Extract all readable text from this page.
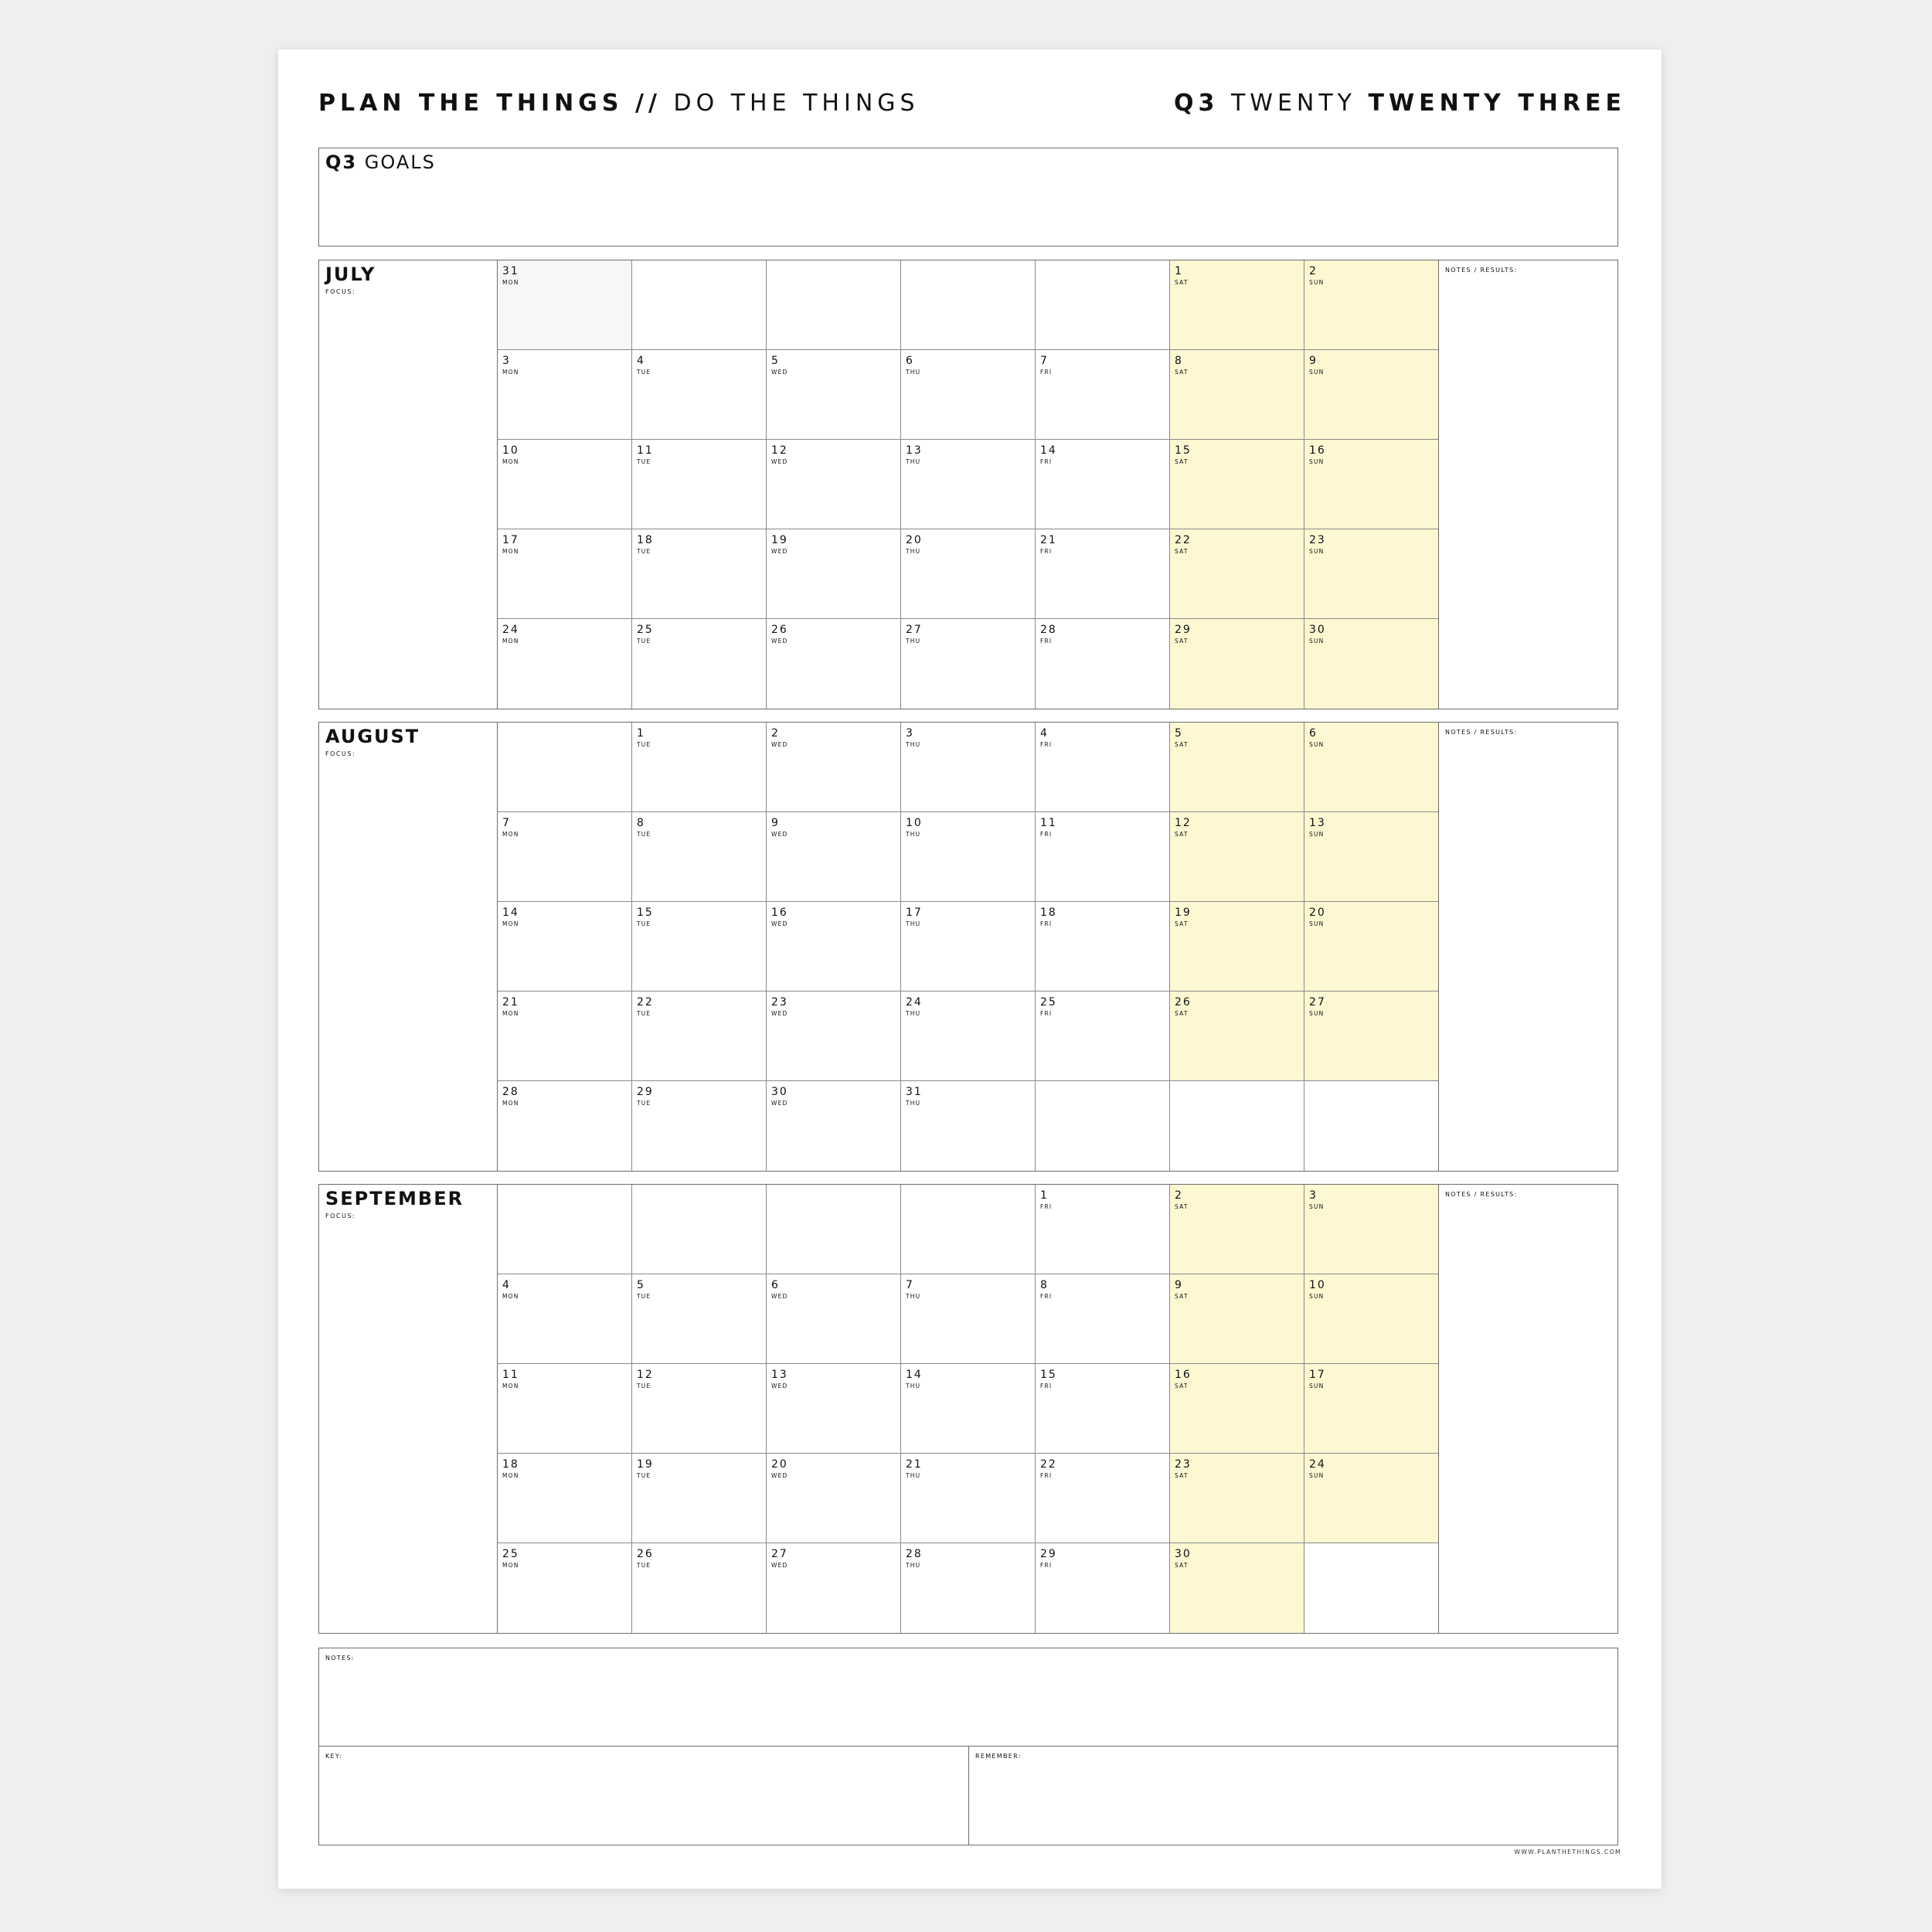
PLAN THE THINGS // DO THE THINGS	Q3 TWENTY TWENTY THREE
Q3 GOALS
JULY
FOCUS:
31
MON
1
SAT
2
SUN
3
MON
4
TUE
5
WED
6
THU
7
FRI
8
SAT
9
SUN
10
MON
11
TUE
12
WED
13
THU
14
FRI
15
SAT
16
SUN
17
MON
18
TUE
19
WED
20
THU
21
FRI
22
SAT
23
SUN
24
MON
25
TUE
26
WED
27
THU
28
FRI
29
SAT
30
SUN
NOTES / RESULTS:
AUGUST
FOCUS:
1
TUE
2
WED
3
THU
4
FRI
5
SAT
6
SUN
7
MON
8
TUE
9
WED
10
THU
11
FRI
12
SAT
13
SUN
14
MON
15
TUE
16
WED
17
THU
18
FRI
19
SAT
20
SUN
21
MON
22
TUE
23
WED
24
THU
25
FRI
26
SAT
27
SUN
28
MON
29
TUE
30
WED
31
THU
NOTES / RESULTS:
SEPTEMBER
FOCUS:
1
FRI
2
SAT
3
SUN
4
MON
5
TUE
6
WED
7
THU
8
FRI
9
SAT
10
SUN
11
MON
12
TUE
13
WED
14
THU
15
FRI
16
SAT
17
SUN
18
MON
19
TUE
20
WED
21
THU
22
FRI
23
SAT
24
SUN
25
MON
26
TUE
27
WED
28
THU
29
FRI
30
SAT
NOTES / RESULTS:
NOTES:
KEY:	REMEMBER:
WWW.PLANTHETHINGS.COM
